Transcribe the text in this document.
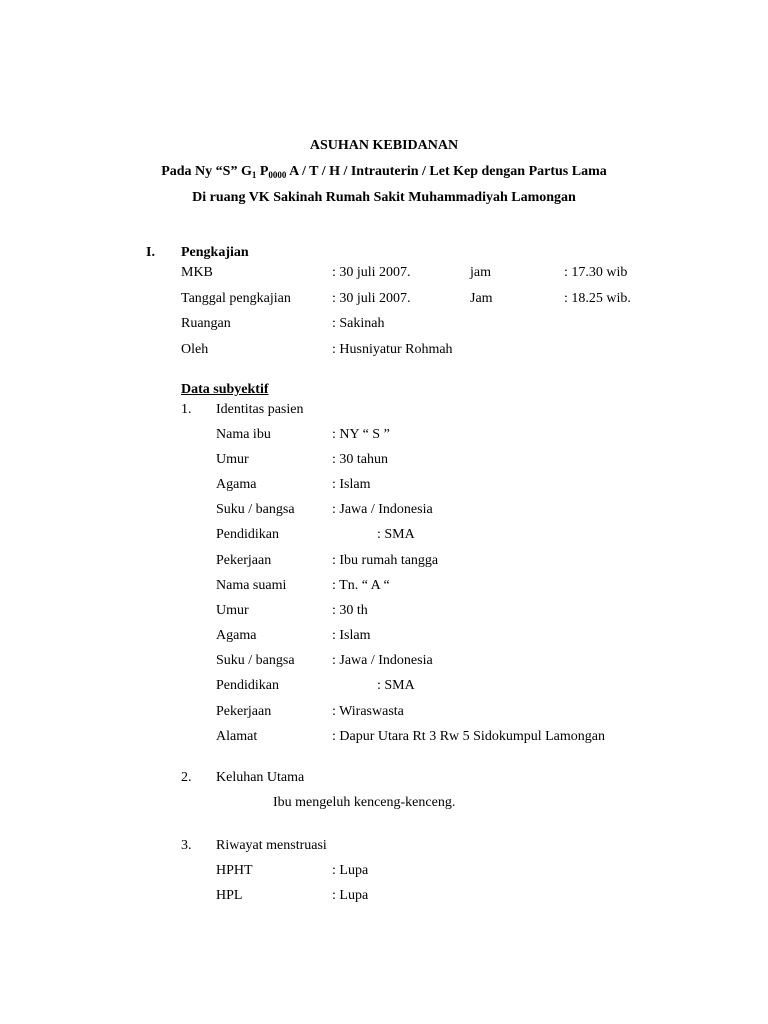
ASUHAN KEBIDANAN
Pada Ny “S” $G_1$ $P_{0000}$ A / T / H / Intrauterin / Let Kep dengan Partus Lama
Di ruang VK Sakinah Rumah Sakit Muhammadiyah Lamongan
I. Pengkajian
MKB	: 30 juli 2007.	jam	: 17.30 wib
Tanggal pengkajian	: 30 juli 2007.	Jam	: 18.25 wib.
Ruangan	: Sakinah
Oleh	: Husniyatur Rohmah
Data subyektif
1. Identitas pasien
Nama ibu	: NY “ S ”
Umur	: 30 tahun
Agama	: Islam
Suku / bangsa	: Jawa / Indonesia
Pendidikan	: SMA
Pekerjaan	: Ibu rumah tangga
Nama suami	: Tn. “ A “
Umur	: 30 th
Agama	: Islam
Suku / bangsa	: Jawa / Indonesia
Pendidikan	: SMA
Pekerjaan	: Wiraswasta
Alamat	: Dapur Utara Rt 3 Rw 5 Sidokumpul Lamongan
2. Keluhan Utama
Ibu mengeluh kenceng-kenceng.
3. Riwayat menstruasi
HPHT	: Lupa
HPL	: Lupa
